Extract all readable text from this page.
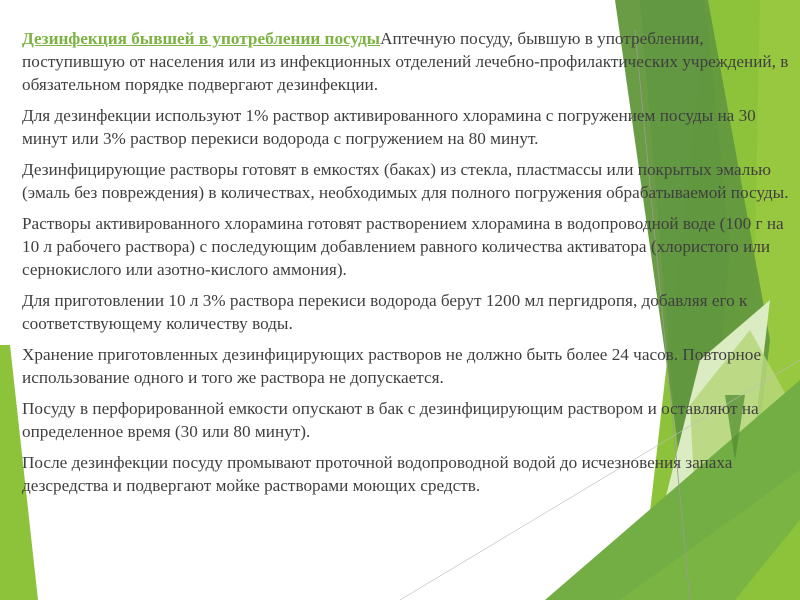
Дезинфекция бывшей в употреблении посудыАптечную посуду, бывшую в употреблении, поступившую от населения или из инфекционных отделений лечебно-профилактических учреждений, в обязательном порядке подвергают дезинфекции.

Для дезинфекции используют 1% раствор активированного хлорамина с погружением посуды на 30 минут или 3% раствор перекиси водорода с погружением на 80 минут.

Дезинфицирующие растворы готовят в емкостях (баках) из стекла, пластмассы или покрытых эмалью (эмаль без повреждения) в количествах, необходимых для полного погружения обрабатываемой посуды.

Растворы активированного хлорамина готовят растворением хлорамина в водопроводной воде (100 г на 10 л рабочего раствора) с последующим добавлением равного количества активатора (хлористого или сернокислого или азотно-кислого аммония).

Для приготовлении 10 л 3% раствора перекиси водорода берут 1200 мл пергидропя, добавляя его к соответствующему количеству воды.

Хранение приготовленных дезинфицирующих растворов не должно быть более 24 часов. Повторное использование одного и того же раствора не допускается.

Посуду в перфорированной емкости опускают в бак с дезинфицирующим раствором и оставляют на определенное время (30 или 80 минут).

После дезинфекции посуду промывают проточной водопроводной водой до исчезновения запаха дезсредства и подвергают мойке растворами моющих средств.
